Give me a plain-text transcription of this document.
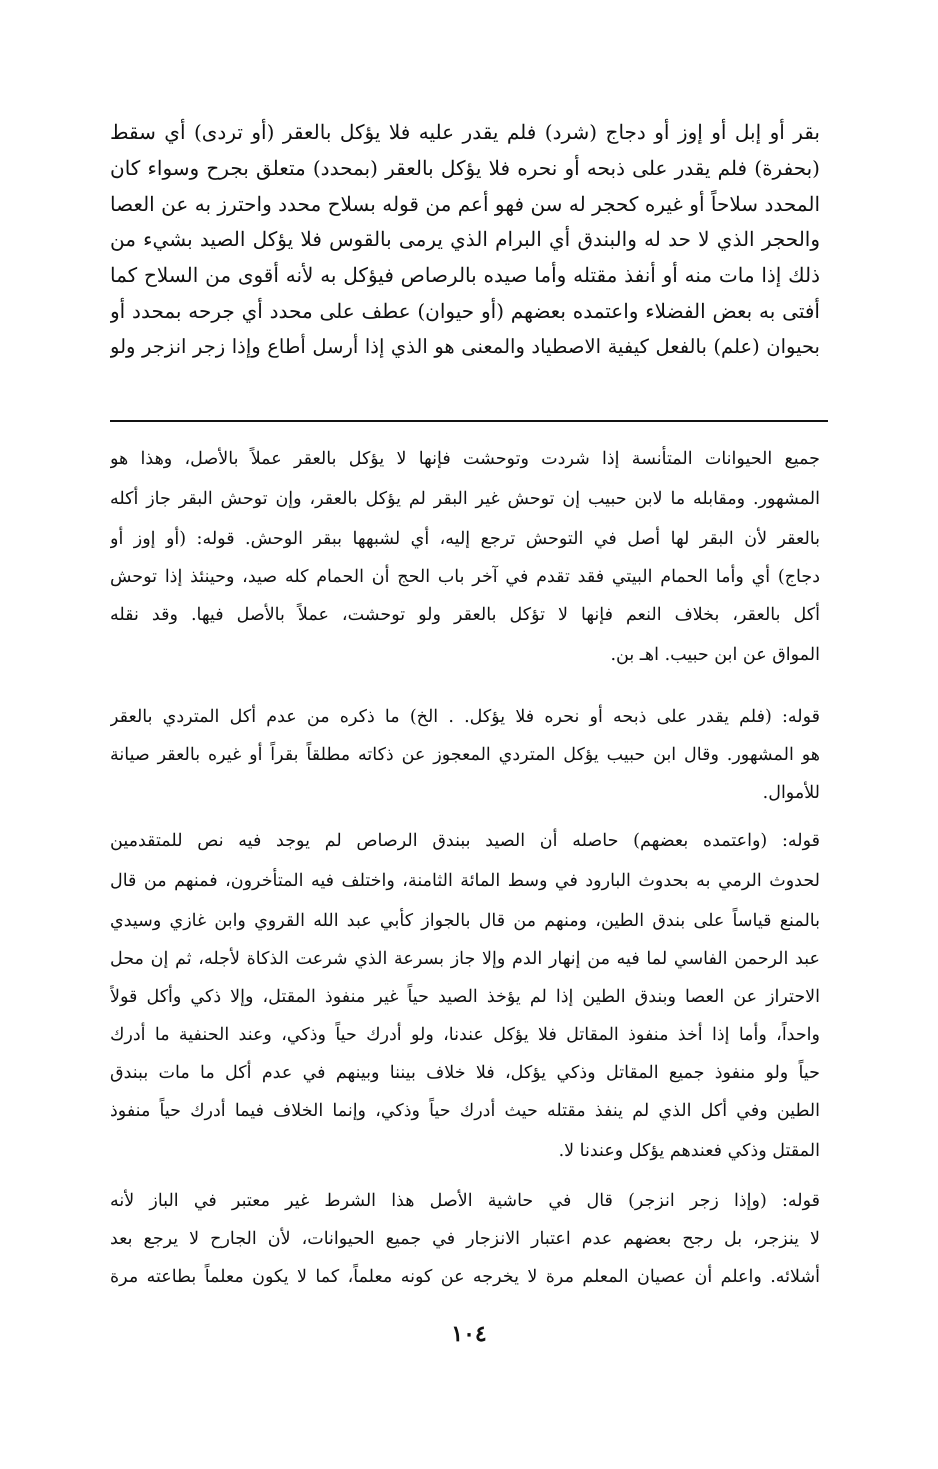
بقر أو إبل أو إوز أو دجاج (شرد) فلم يقدر عليه فلا يؤكل بالعقر (أو تردى) أي سقط
(بحفرة) فلم يقدر على ذبحه أو نحره فلا يؤكل بالعقر (بمحدد) متعلق بجرح وسواء كان
المحدد سلاحاً أو غيره كحجر له سن فهو أعم من قوله بسلاح محدد واحترز به عن العصا
والحجر الذي لا حد له والبندق أي البرام الذي يرمى بالقوس فلا يؤكل الصيد بشيء من
ذلك إذا مات منه أو أنفذ مقتله وأما صيده بالرصاص فيؤكل به لأنه أقوى من السلاح كما
أفتى به بعض الفضلاء واعتمده بعضهم (أو حيوان) عطف على محدد أي جرحه بمحدد أو
بحيوان (علم) بالفعل كيفية الاصطياد والمعنى هو الذي إذا أرسل أطاع وإذا زجر انزجر ولو
جميع الحيوانات المتأنسة إذا شردت وتوحشت فإنها لا يؤكل بالعقر عملاً بالأصل، وهذا هو
المشهور. ومقابله ما لابن حبيب إن توحش غير البقر لم يؤكل بالعقر، وإن توحش البقر جاز أكله
بالعقر لأن البقر لها أصل في التوحش ترجع إليه، أي لشبهها ببقر الوحش. قوله: (أو إوز أو
دجاج) أي وأما الحمام البيتي فقد تقدم في آخر باب الحج أن الحمام كله صيد، وحينئذ إذا توحش
أكل بالعقر، بخلاف النعم فإنها لا تؤكل بالعقر ولو توحشت، عملاً بالأصل فيها. وقد نقله
المواق عن ابن حبيب. اهـ بن.
قوله: (فلم يقدر على ذبحه أو نحره فلا يؤكل. . الخ) ما ذكره من عدم أكل المتردي بالعقر
هو المشهور. وقال ابن حبيب يؤكل المتردي المعجوز عن ذكاته مطلقاً بقراً أو غيره بالعقر صيانة
للأموال.
قوله: (واعتمده بعضهم) حاصله أن الصيد ببندق الرصاص لم يوجد فيه نص للمتقدمين
لحدوث الرمي به بحدوث البارود في وسط المائة الثامنة، واختلف فيه المتأخرون، فمنهم من قال
بالمنع قياساً على بندق الطين، ومنهم من قال بالجواز كأبي عبد الله القروي وابن غازي وسيدي
عبد الرحمن الفاسي لما فيه من إنهار الدم وإلا جاز بسرعة الذي شرعت الذكاة لأجله، ثم إن محل
الاحتراز عن العصا وبندق الطين إذا لم يؤخذ الصيد حياً غير منفوذ المقتل، وإلا ذكي وأكل قولاً
واحداً، وأما إذا أخذ منفوذ المقاتل فلا يؤكل عندنا، ولو أدرك حياً وذكي، وعند الحنفية ما أدرك
حياً ولو منفوذ جميع المقاتل وذكي يؤكل، فلا خلاف بيننا وبينهم في عدم أكل ما مات ببندق
الطين وفي أكل الذي لم ينفذ مقتله حيث أدرك حياً وذكي، وإنما الخلاف فيما أدرك حياً منفوذ
المقتل وذكي فعندهم يؤكل وعندنا لا.
قوله: (وإذا زجر انزجر) قال في حاشية الأصل هذا الشرط غير معتبر في الباز لأنه
لا ينزجر، بل رجح بعضهم عدم اعتبار الانزجار في جميع الحيوانات، لأن الجارح لا يرجع بعد
أشلائه. واعلم أن عصيان المعلم مرة لا يخرجه عن كونه معلماً، كما لا يكون معلماً بطاعته مرة
١٠٤
